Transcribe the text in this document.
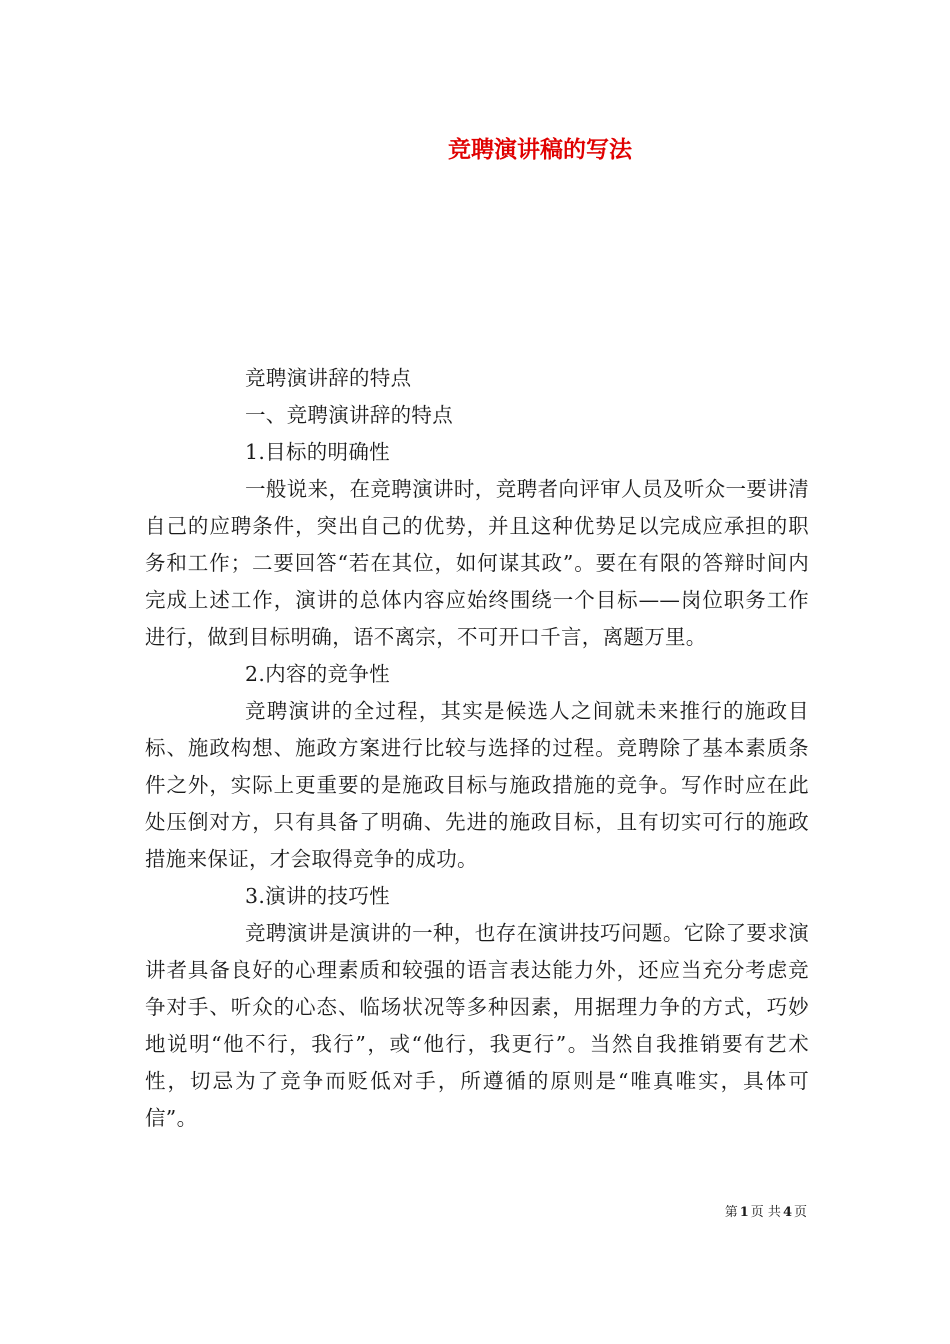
竞聘演讲稿的写法

竞聘演讲辞的特点

一、竞聘演讲辞的特点

1.目标的明确性

一般说来，在竞聘演讲时，竞聘者向评审人员及听众一要讲清自己的应聘条件，突出自己的优势，并且这种优势足以完成应承担的职务和工作；二要回答“若在其位，如何谋其政”。要在有限的答辩时间内完成上述工作，演讲的总体内容应始终围绕一个目标——岗位职务工作进行，做到目标明确，语不离宗，不可开口千言，离题万里。

2.内容的竞争性

竞聘演讲的全过程，其实是候选人之间就未来推行的施政目标、施政构想、施政方案进行比较与选择的过程。竞聘除了基本素质条件之外，实际上更重要的是施政目标与施政措施的竞争。写作时应在此处压倒对方，只有具备了明确、先进的施政目标，且有切实可行的施政措施来保证，才会取得竞争的成功。

3.演讲的技巧性

竞聘演讲是演讲的一种，也存在演讲技巧问题。它除了要求演讲者具备良好的心理素质和较强的语言表达能力外，还应当充分考虑竞争对手、听众的心态、临场状况等多种因素，用据理力争的方式，巧妙地说明“他不行，我行”，或“他行，我更行”。当然自我推销要有艺术性，切忌为了竞争而贬低对手，所遵循的原则是“唯真唯实，具体可信”。

第 1 页 共 4 页
